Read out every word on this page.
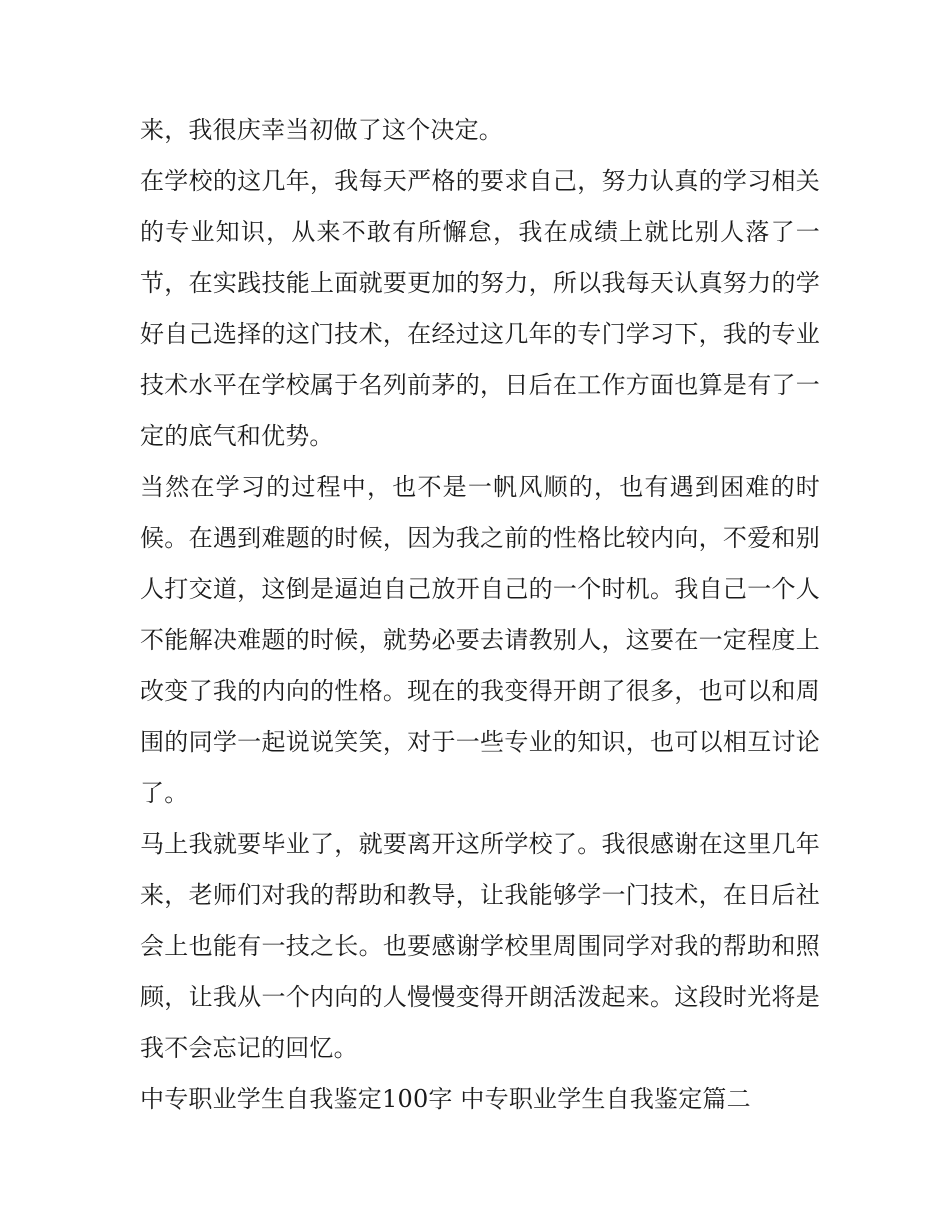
来，我很庆幸当初做了这个决定。

在学校的这几年，我每天严格的要求自己，努力认真的学习相关的专业知识，从来不敢有所懈怠，我在成绩上就比别人落了一节，在实践技能上面就要更加的努力，所以我每天认真努力的学好自己选择的这门技术，在经过这几年的专门学习下，我的专业技术水平在学校属于名列前茅的，日后在工作方面也算是有了一定的底气和优势。

当然在学习的过程中，也不是一帆风顺的，也有遇到困难的时候。在遇到难题的时候，因为我之前的性格比较内向，不爱和别人打交道，这倒是逼迫自己放开自己的一个时机。我自己一个人不能解决难题的时候，就势必要去请教别人，这要在一定程度上改变了我的内向的性格。现在的我变得开朗了很多，也可以和周围的同学一起说说笑笑，对于一些专业的知识，也可以相互讨论了。

马上我就要毕业了，就要离开这所学校了。我很感谢在这里几年来，老师们对我的帮助和教导，让我能够学一门技术，在日后社会上也能有一技之长。也要感谢学校里周围同学对我的帮助和照顾，让我从一个内向的人慢慢变得开朗活泼起来。这段时光将是我不会忘记的回忆。

中专职业学生自我鉴定100字 中专职业学生自我鉴定篇二
